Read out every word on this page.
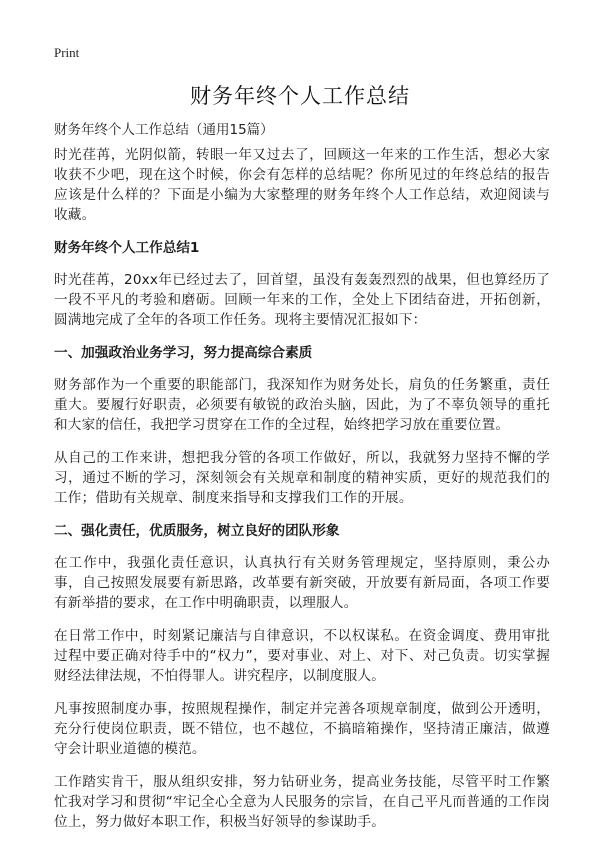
Print
财务年终个人工作总结
财务年终个人工作总结（通用15篇）

时光荏苒，光阴似箭，转眼一年又过去了，回顾这一年来的工作生活，想必大家收获不少吧，现在这个时候，你会有怎样的总结呢？你所见过的年终总结的报告应该是什么样的？下面是小编为大家整理的财务年终个人工作总结，欢迎阅读与收藏。

财务年终个人工作总结1

时光荏苒，20xx年已经过去了，回首望，虽没有轰轰烈烈的战果，但也算经历了一段不平凡的考验和磨砺。回顾一年来的工作，全处上下团结奋进，开拓创新，圆满地完成了全年的各项工作任务。现将主要情况汇报如下：

一、加强政治业务学习，努力提高综合素质

财务部作为一个重要的职能部门，我深知作为财务处长，肩负的任务繁重，责任重大。要履行好职责，必须要有敏锐的政治头脑，因此，为了不辜负领导的重托和大家的信任，我把学习贯穿在工作的全过程，始终把学习放在重要位置。

从自己的工作来讲，想把我分管的各项工作做好，所以，我就努力坚持不懈的学习，通过不断的学习，深刻领会有关规章和制度的精神实质，更好的规范我们的工作；借助有关规章、制度来指导和支撑我们工作的开展。

二、强化责任，优质服务，树立良好的团队形象

在工作中，我强化责任意识，认真执行有关财务管理规定，坚持原则，秉公办事，自己按照发展要有新思路，改革要有新突破，开放要有新局面，各项工作要有新举措的要求，在工作中明确职责，以理服人。

在日常工作中，时刻紧记廉洁与自律意识，不以权谋私。在资金调度、费用审批过程中要正确对待手中的“权力”，要对事业、对上、对下、对己负责。切实掌握财经法律法规，不怕得罪人。讲究程序，以制度服人。

凡事按照制度办事，按照规程操作，制定并完善各项规章制度，做到公开透明，充分行使岗位职责，既不错位，也不越位，不搞暗箱操作，坚持清正廉洁，做遵守会计职业道德的模范。

工作踏实肯干，服从组织安排，努力钻研业务，提高业务技能，尽管平时工作繁忙我对学习和贯彻“牢记全心全意为人民服务的宗旨，在自己平凡而普通的工作岗位上，努力做好本职工作，积极当好领导的参谋助手。
